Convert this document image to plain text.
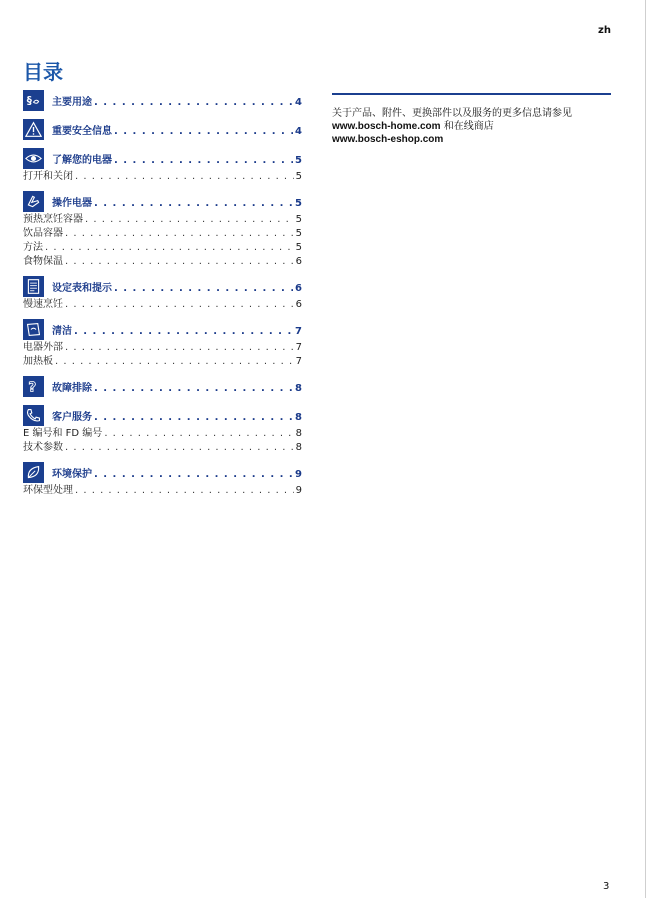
zh
目录
§ 主要用途 . . .	4
重要安全信息 . . .	4
了解您的电器 . . .	5
打开和关闭 . . .	5
操作电器 . . .	5
预热烹饪容器 . . .	5
饮品容器 . . .	5
方法 . . .	5
食物保温 . . .	6
设定表和提示 . . .	6
慢速烹饪 . . .	6
清洁 . . .	7
电器外部 . . .	7
加热板 . . .	7
? 故障排除 . . .	8
客户服务 . . .	8
E 编号和 FD 编号 . . .	8
技术参数 . . .	8
环境保护 . . .	9
环保型处理 . . .	9
关于产品、附件、更换部件以及服务的更多信息请参见
www.bosch-home.com 和在线商店
www.bosch-eshop.com
3
